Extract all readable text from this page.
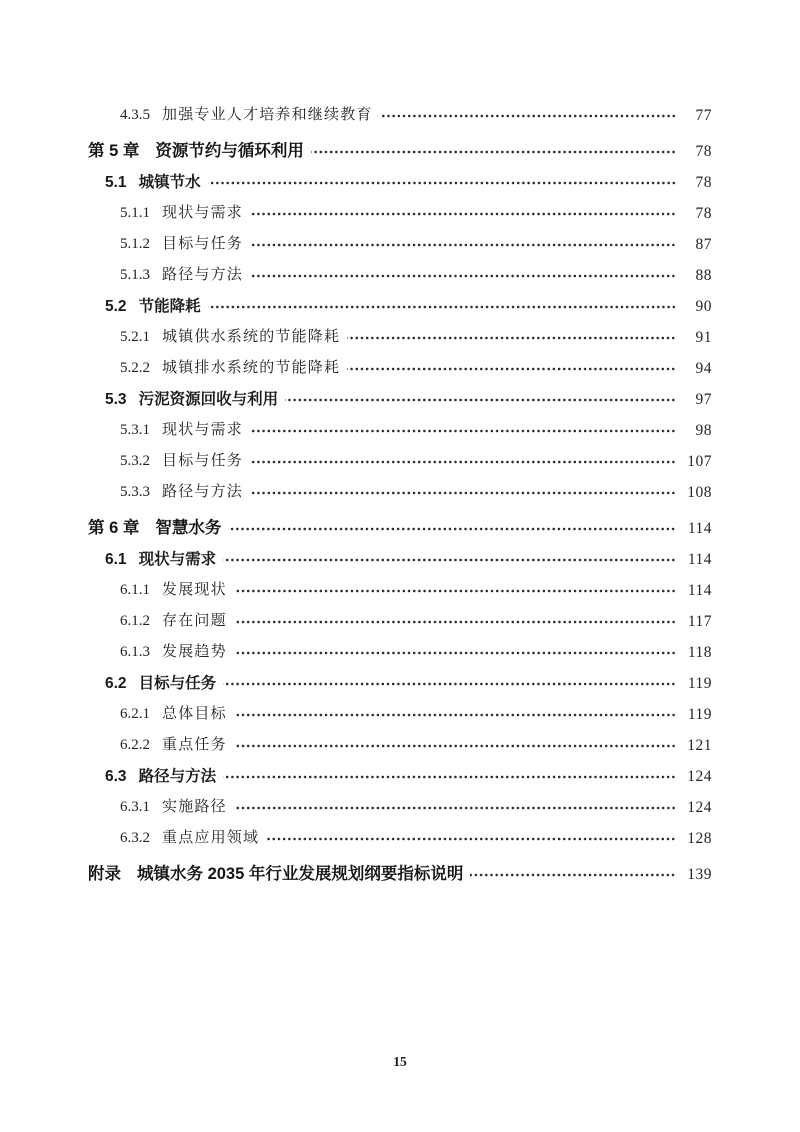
4.3.5 加强专业人才培养和继续教育	77
第 5 章 资源节约与循环利用	78
5.1 城镇节水	78
5.1.1 现状与需求	78
5.1.2 目标与任务	87
5.1.3 路径与方法	88
5.2 节能降耗	90
5.2.1 城镇供水系统的节能降耗	91
5.2.2 城镇排水系统的节能降耗	94
5.3 污泥资源回收与利用	97
5.3.1 现状与需求	98
5.3.2 目标与任务	107
5.3.3 路径与方法	108
第 6 章 智慧水务	114
6.1 现状与需求	114
6.1.1 发展现状	114
6.1.2 存在问题	117
6.1.3 发展趋势	118
6.2 目标与任务	119
6.2.1 总体目标	119
6.2.2 重点任务	121
6.3 路径与方法	124
6.3.1 实施路径	124
6.3.2 重点应用领域	128
附录 城镇水务 2035 年行业发展规划纲要指标说明	139
15
